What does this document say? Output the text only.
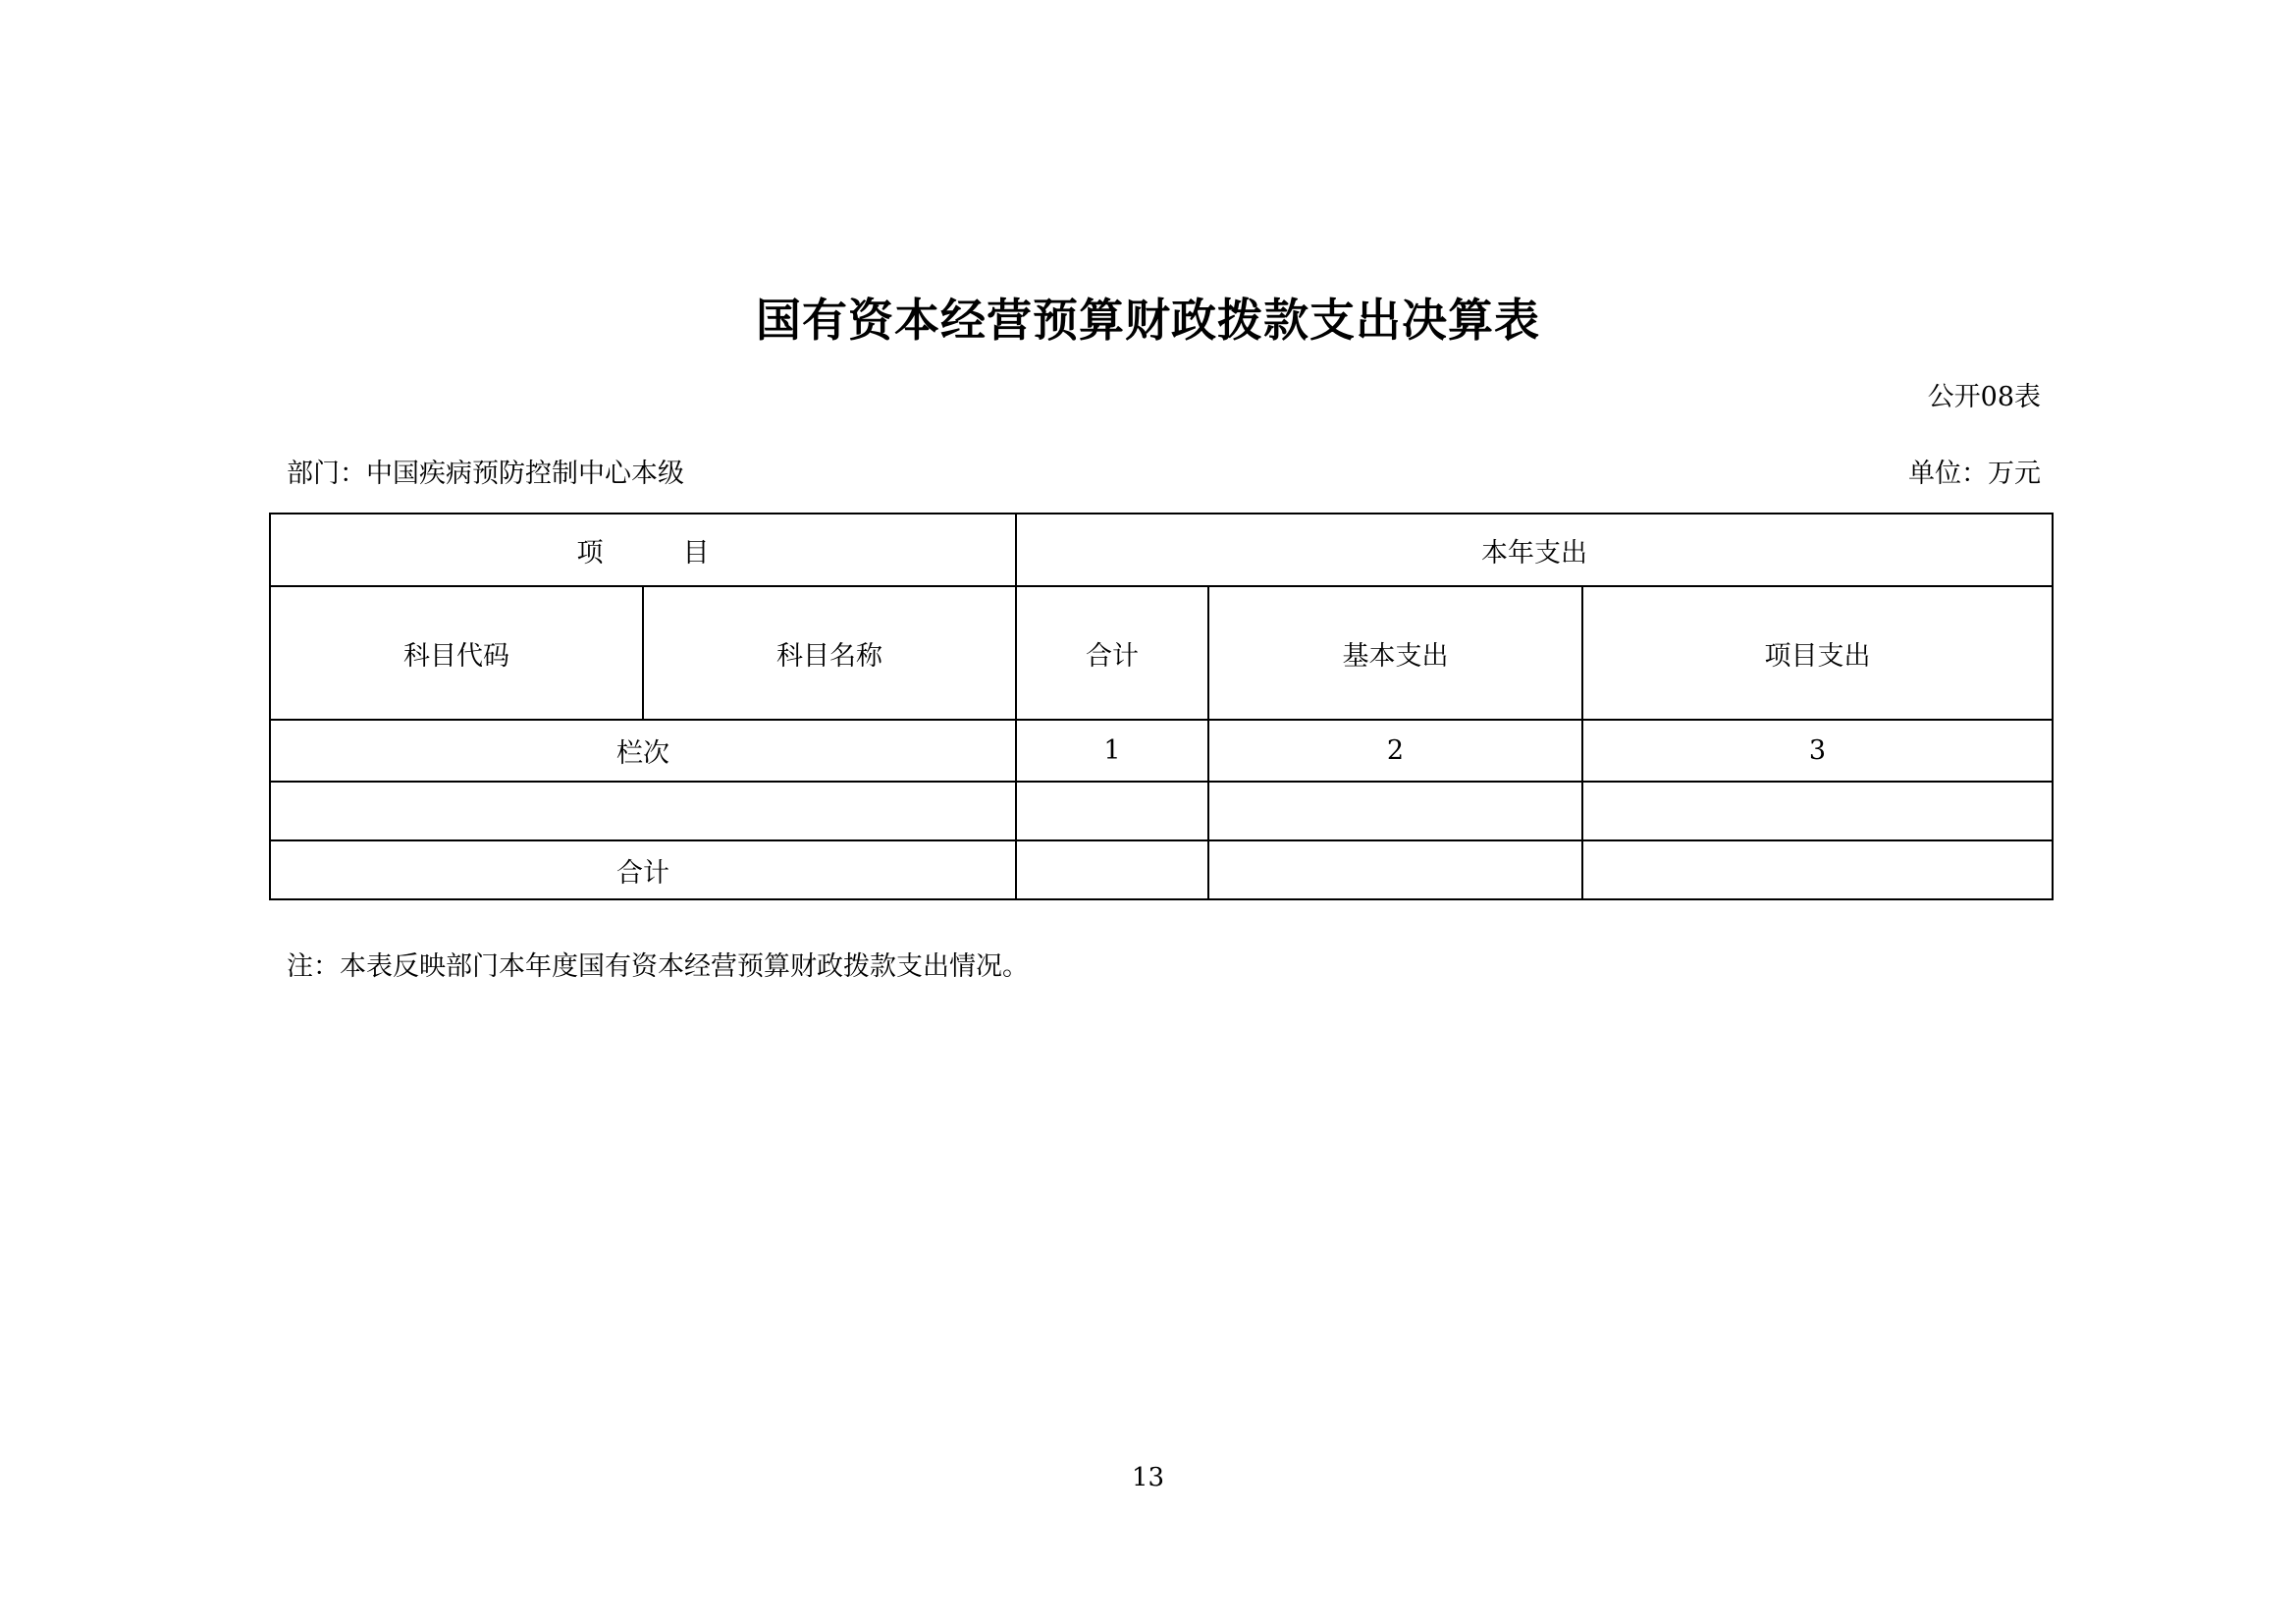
国有资本经营预算财政拨款支出决算表
公开08表
部门：中国疾病预防控制中心本级	单位：万元
项　　　目		本年支出		
科目代码	科目名称	合计	基本支出	项目支出
栏次		1	2	3

合计				
注：本表反映部门本年度国有资本经营预算财政拨款支出情况。
13
